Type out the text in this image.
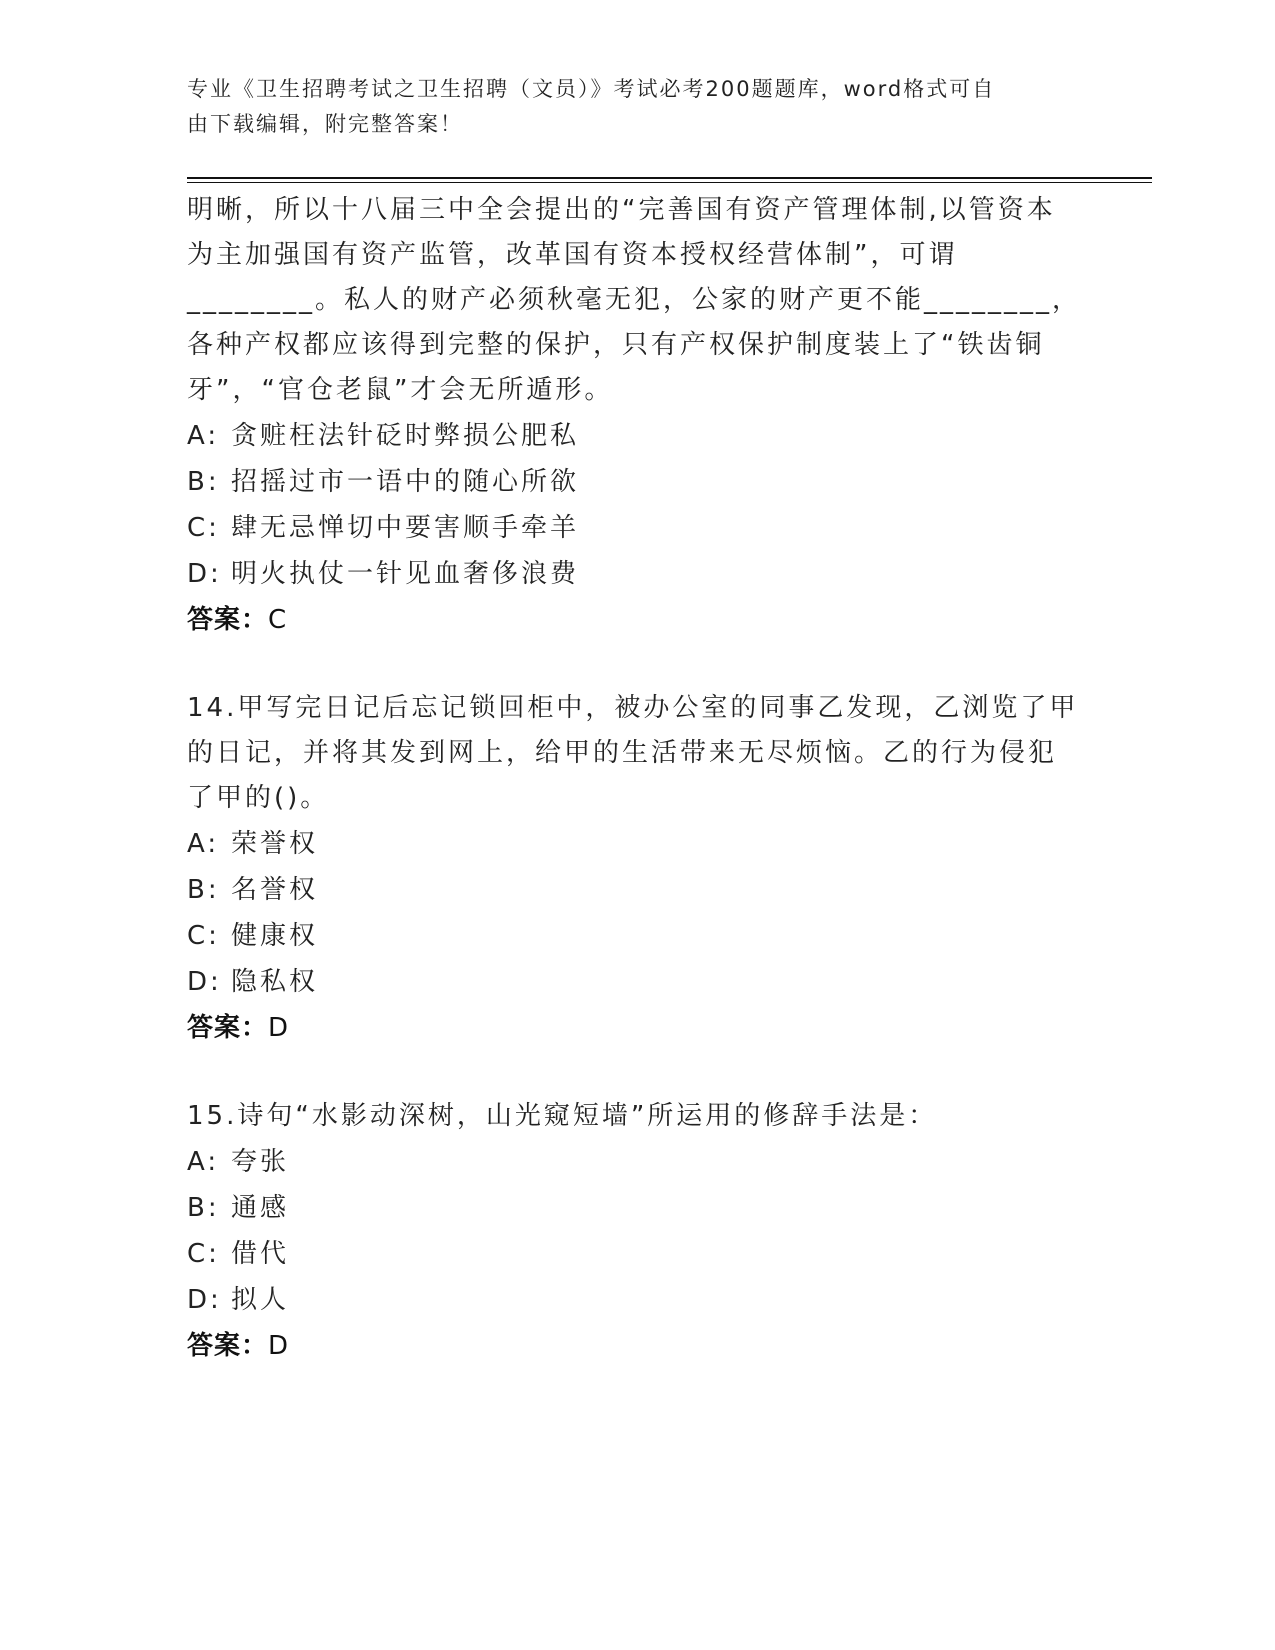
专业《卫生招聘考试之卫生招聘（文员）》考试必考200题题库，word格式可自
由下载编辑，附完整答案！

明晰，所以十八届三中全会提出的“完善国有资产管理体制,以管资本

为主加强国有资产监管，改革国有资本授权经营体制”，可谓

________。私人的财产必须秋毫无犯，公家的财产更不能________，

各种产权都应该得到完整的保护，只有产权保护制度装上了“铁齿铜

牙”，“官仓老鼠”才会无所遁形。

A: 贪赃枉法针砭时弊损公肥私

B: 招摇过市一语中的随心所欲

C: 肆无忌惮切中要害顺手牵羊

D: 明火执仗一针见血奢侈浪费

答案：C

14.甲写完日记后忘记锁回柜中，被办公室的同事乙发现，乙浏览了甲

的日记，并将其发到网上，给甲的生活带来无尽烦恼。乙的行为侵犯

了甲的()。

A: 荣誉权

B: 名誉权

C: 健康权

D: 隐私权

答案：D

15.诗句“水影动深树，山光窥短墙”所运用的修辞手法是：

A: 夸张

B: 通感

C: 借代

D: 拟人

答案：D
